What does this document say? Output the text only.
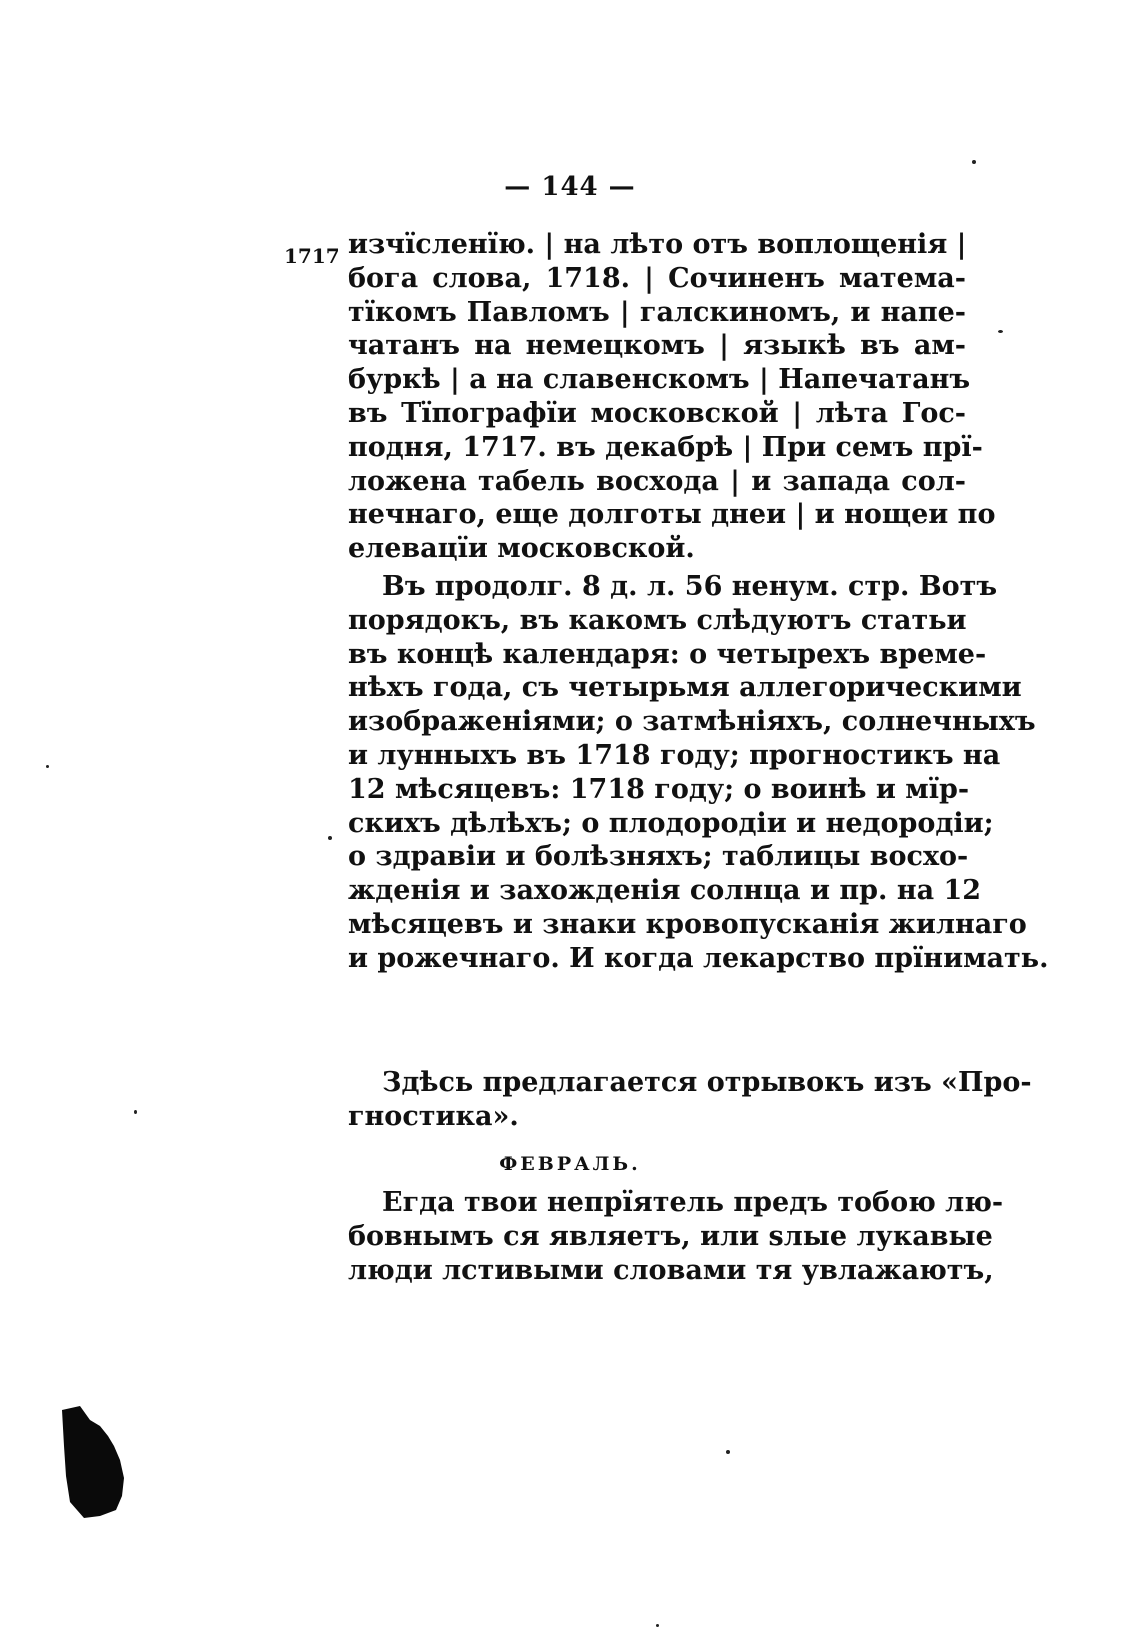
— 144 —
1717 изчїсленїю. | на лѣто отъ воплощенія |
бога слова, 1718. | Сочиненъ матема-
тїкомъ Павломъ | галскиномъ, и напе-
чатанъ на немецкомъ | языкѣ въ ам-
буркѣ | а на славенскомъ | Напечатанъ
въ Тїпографїи московской | лѣта Гос-
подня, 1717. въ декабрѣ | При семъ прї-
ложена табель восхода | и запада сол-
нечнаго, еще долготы днеи | и нощеи по
елевацїи московской.
Въ продолг. 8 д. л. 56 ненум. стр. Вотъ
порядокъ, въ какомъ слѣдуютъ статьи
въ концѣ календаря: о четырехъ време-
нѣхъ года, съ четырьмя аллегорическими
изображеніями; о затмѣніяхъ, солнечныхъ
и лунныхъ въ 1718 году; прогностикъ на
12 мѣсяцевъ: 1718 году; о воинѣ и мїр-
скихъ дѣлѣхъ; о плодородіи и недородіи;
о здравіи и болѣзняхъ; таблицы восхо-
жденія и захожденія солнца и пр. на 12
мѣсяцевъ и знаки кровопусканія жилнаго
и рожечнаго. И когда лекарство прїнимать.
Здѣсь предлагается отрывокъ изъ «Про-
гностика».
ФЕВРАЛЬ.
Егда твои непрїятель предъ тобою лю-
бовнымъ ся являетъ, или ѕлые лукавые
люди лстивыми словами тя увлажаютъ,
